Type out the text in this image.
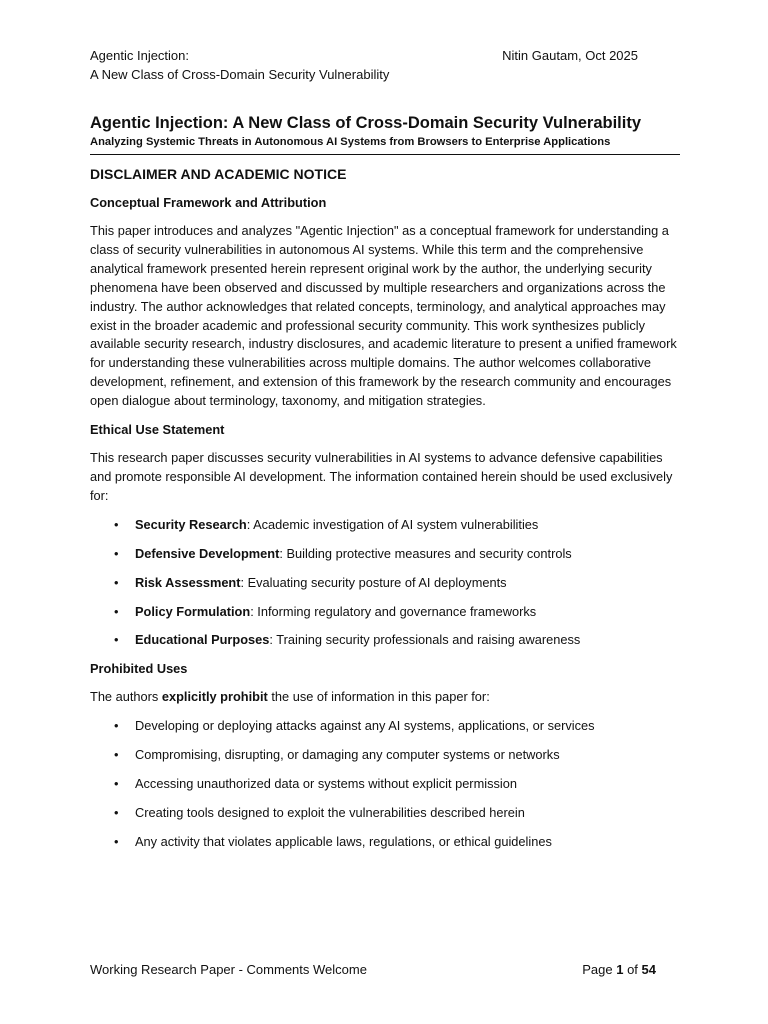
Agentic Injection:
A New Class of Cross-Domain Security Vulnerability
Nitin Gautam, Oct 2025
Agentic Injection: A New Class of Cross-Domain Security Vulnerability
Analyzing Systemic Threats in Autonomous AI Systems from Browsers to Enterprise Applications
DISCLAIMER AND ACADEMIC NOTICE
Conceptual Framework and Attribution

This paper introduces and analyzes "Agentic Injection" as a conceptual framework for understanding a class of security vulnerabilities in autonomous AI systems. While this term and the comprehensive analytical framework presented herein represent original work by the author, the underlying security phenomena have been observed and discussed by multiple researchers and organizations across the industry. The author acknowledges that related concepts, terminology, and analytical approaches may exist in the broader academic and professional security community. This work synthesizes publicly available security research, industry disclosures, and academic literature to present a unified framework for understanding these vulnerabilities across multiple domains. The author welcomes collaborative development, refinement, and extension of this framework by the research community and encourages open dialogue about terminology, taxonomy, and mitigation strategies.

Ethical Use Statement

This research paper discusses security vulnerabilities in AI systems to advance defensive capabilities and promote responsible AI development. The information contained herein should be used exclusively for:

• Security Research: Academic investigation of AI system vulnerabilities
• Defensive Development: Building protective measures and security controls
• Risk Assessment: Evaluating security posture of AI deployments
• Policy Formulation: Informing regulatory and governance frameworks
• Educational Purposes: Training security professionals and raising awareness
Prohibited Uses

The authors explicitly prohibit the use of information in this paper for:

• Developing or deploying attacks against any AI systems, applications, or services
• Compromising, disrupting, or damaging any computer systems or networks
• Accessing unauthorized data or systems without explicit permission
• Creating tools designed to exploit the vulnerabilities described herein
• Any activity that violates applicable laws, regulations, or ethical guidelines
Working Research Paper - Comments Welcome	Page 1 of 54
